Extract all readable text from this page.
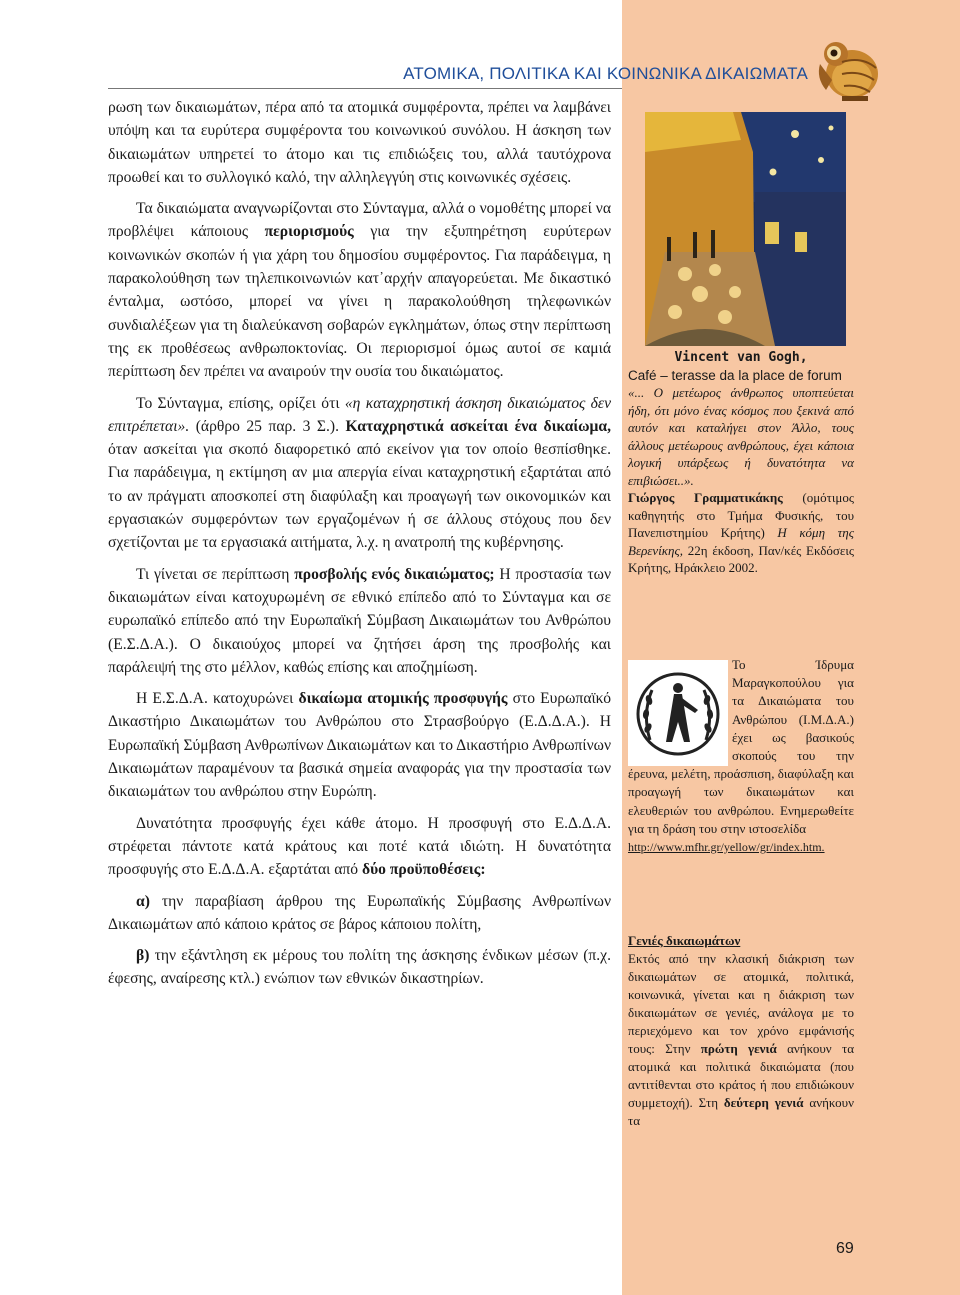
ΑΤΟΜΙΚΑ, ΠΟΛΙΤΙΚΑ ΚΑΙ ΚΟΙΝΩΝΙΚΑ ΔΙΚΑΙΩΜΑΤΑ

ρωση των δικαιωμάτων, πέρα από τα ατομικά συμφέροντα, πρέπει να λαμβάνει υπόψη και τα ευρύτερα συμφέροντα του κοινωνικού συνόλου. Η άσκηση των δικαιωμάτων υπηρετεί το άτομο και τις επιδιώξεις του, αλλά ταυτόχρονα προωθεί και το συλλογικό καλό, την αλληλεγγύη στις κοινωνικές σχέσεις.

Τα δικαιώματα αναγνωρίζονται στο Σύνταγμα, αλλά ο νομοθέτης μπορεί να προβλέψει κάποιους περιορισμούς για την εξυπηρέτηση ευρύτερων κοινωνικών σκοπών ή για χάρη του δημοσίου συμφέροντος. Για παράδειγμα, η παρακολούθηση των τηλεπικοινωνιών κατ᾽αρχήν απαγορεύεται. Με δικαστικό ένταλμα, ωστόσο, μπορεί να γίνει η παρακολούθηση τηλεφωνικών συνδιαλέξεων για τη διαλεύκανση σοβαρών εγκλημάτων, όπως στην περίπτωση της εκ προθέσεως ανθρωποκτονίας. Οι περιορισμοί όμως αυτοί σε καμιά περίπτωση δεν πρέπει να αναιρούν την ουσία του δικαιώματος.

Το Σύνταγμα, επίσης, ορίζει ότι «η καταχρηστική άσκηση δικαιώματος δεν επιτρέπεται». (άρθρο 25 παρ. 3 Σ.). Καταχρηστικά ασκείται ένα δικαίωμα, όταν ασκείται για σκοπό διαφορετικό από εκείνον για τον οποίο θεσπίσθηκε. Για παράδειγμα, η εκτίμηση αν μια απεργία είναι καταχρηστική εξαρτάται από το αν πράγματι αποσκοπεί στη διαφύλαξη και προαγωγή των οικονομικών και εργασιακών συμφερόντων των εργαζομένων ή σε άλλους στόχους που δεν σχετίζονται με τα εργασιακά αιτήματα, λ.χ. η ανατροπή της κυβέρνησης.

Τι γίνεται σε περίπτωση προσβολής ενός δικαιώματος; Η προστασία των δικαιωμάτων είναι κατοχυρωμένη σε εθνικό επίπεδο από το Σύνταγμα και σε ευρωπαϊκό επίπεδο από την Ευρωπαϊκή Σύμβαση Δικαιωμάτων του Ανθρώπου (Ε.Σ.Δ.Α.). Ο δικαιούχος μπορεί να ζητήσει άρση της προσβολής και παράλειψή της στο μέλλον, καθώς επίσης και αποζημίωση.

Η Ε.Σ.Δ.Α. κατοχυρώνει δικαίωμα ατομικής προσφυγής στο Ευρωπαϊκό Δικαστήριο Δικαιωμάτων του Ανθρώπου στο Στρασβούργο (Ε.Δ.Δ.Α.). Η Ευρωπαϊκή Σύμβαση Ανθρωπίνων Δικαιωμάτων και το Δικαστήριο Ανθρωπίνων Δικαιωμάτων παραμένουν τα βασικά σημεία αναφοράς για την προστασία των δικαιωμάτων του ανθρώπου στην Ευρώπη.

Δυνατότητα προσφυγής έχει κάθε άτομο. Η προσφυγή στο Ε.Δ.Δ.Α. στρέφεται πάντοτε κατά κράτους και ποτέ κατά ιδιώτη. Η δυνατότητα προσφυγής στο Ε.Δ.Δ.Α. εξαρτάται από δύο προϋποθέσεις:

α) την παραβίαση άρθρου της Ευρωπαϊκής Σύμβασης Ανθρωπίνων Δικαιωμάτων από κάποιο κράτος σε βάρος κάποιου πολίτη,

β) την εξάντληση εκ μέρους του πολίτη της άσκησης ένδικων μέσων (π.χ. έφεσης, αναίρεσης κτλ.) ενώπιον των εθνικών δικαστηρίων.

Vincent van Gogh,
Café – terasse da la place de forum
«... Ο μετέωρος άνθρωπος υποπτεύεται ήδη, ότι μόνο ένας κόσμος που ξεκινά από αυτόν και καταλήγει στον Άλλο, τους άλλους μετέωρους ανθρώπους, έχει κάποια λογική υπάρξεως ή δυνατότητα να επιβιώσει..».
Γιώργος Γραμματικάκης (ομότιμος καθηγητής στο Τμήμα Φυσικής, του Πανεπιστημίου Κρήτης) Η κόμη της Βερενίκης, 22η έκδοση, Παν/κές Εκδόσεις Κρήτης, Ηράκλειο 2002.
Το Ίδρυμα Μαραγκοπούλου για τα Δικαιώματα του Ανθρώπου (Ι.Μ.Δ.Α.) έχει ως βασικούς σκοπούς του την έρευνα, μελέτη, προάσπιση, διαφύλαξη και προαγωγή των δικαιωμάτων και ελευθεριών του ανθρώπου. Ενημερωθείτε για τη δράση του στην ιστοσελίδα
http://www.mfhr.gr/yellow/gr/index.htm.
Γενιές δικαιωμάτων
Εκτός από την κλασική διάκριση των δικαιωμάτων σε ατομικά, πολιτικά, κοινωνικά, γίνεται και η διάκριση των δικαιωμάτων σε γενιές, ανάλογα με το περιεχόμενο και τον χρόνο εμφάνισής τους: Στην πρώτη γενιά ανήκουν τα ατομικά και πολιτικά δικαιώματα (που αντιτίθενται στο κράτος ή που επιδιώκουν συμμετοχή). Στη δεύτερη γενιά ανήκουν τα
69
